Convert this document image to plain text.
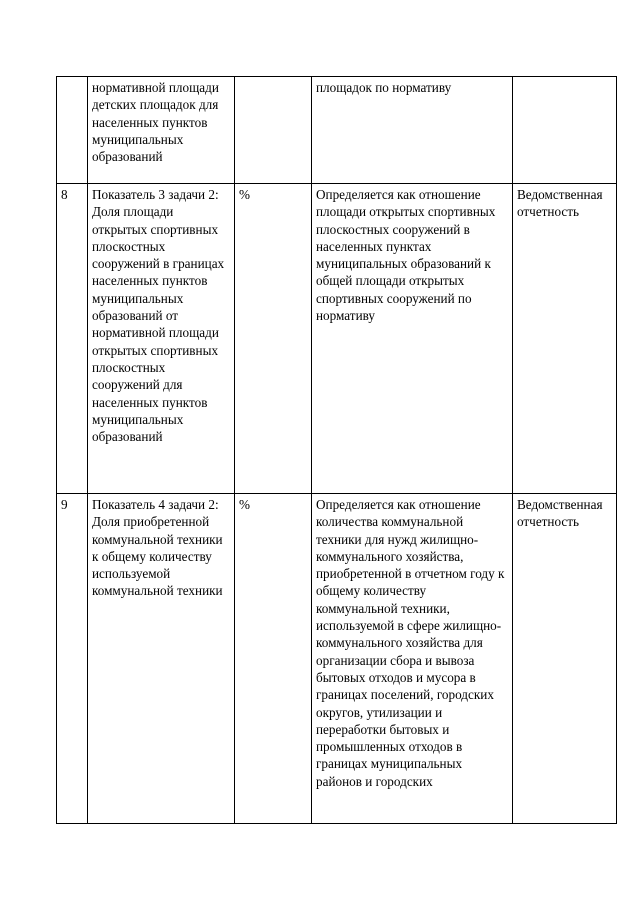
	нормативной площади детских площадок для населенных пунктов муниципальных образований		площадок по нормативу	

8	Показатель 3 задачи 2: Доля площади открытых спортивных плоскостных сооружений в границах населенных пунктов муниципальных образований от нормативной площади открытых спортивных плоскостных сооружений для населенных пунктов муниципальных образований	%	Определяется как отношение площади открытых спортивных плоскостных сооружений в населенных пунктах муниципальных образований к общей площади открытых спортивных сооружений по нормативу	Ведомственная отчетность

9	Показатель 4 задачи 2: Доля приобретенной коммунальной техники к общему количеству используемой коммунальной техники	%	Определяется как отношение количества коммунальной техники для нужд жилищно-коммунального хозяйства, приобретенной в отчетном году к общему количеству коммунальной техники, используемой в сфере жилищно-коммунального хозяйства для организации сбора и вывоза бытовых отходов и мусора в границах поселений, городских округов, утилизации и переработки бытовых и промышленных отходов в границах муниципальных районов и городских	Ведомственная отчетность
